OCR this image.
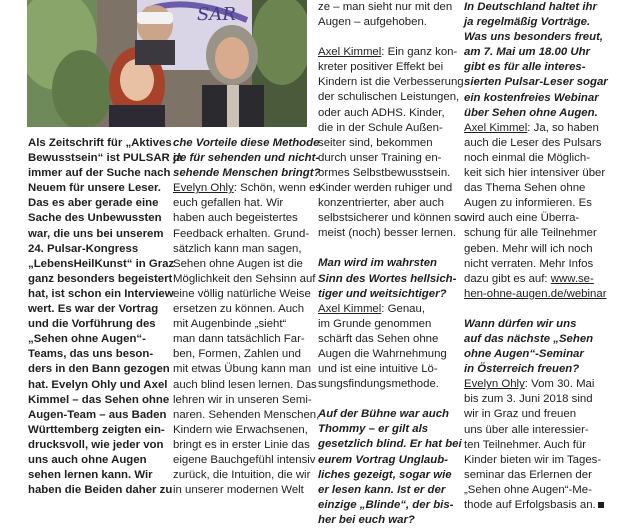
SAR
Als Zeitschrift für „Aktives
Bewusstsein“ ist PULSAR ja
immer auf der Suche nach
Neuem für unsere Leser.
Das es aber gerade eine
Sache des Unbewussten
war, die uns bei unserem
24. Pulsar-Kongress
„LebensHeilKunst“ in Graz
ganz besonders begeistert
hat, ist schon ein Interview
wert. Es war der Vortrag
und die Vorführung des
„Sehen ohne Augen“-
Teams, das uns beson-
ders in den Bann gezogen
hat. Evelyn Ohly und Axel
Kimmel – das Sehen ohne
Augen-Team – aus Baden
Württemberg zeigten ein-
drucksvoll, wie jeder von
uns auch ohne Augen
sehen lernen kann. Wir
haben die Beiden daher zu
che Vorteile diese Methode
de für sehenden und nicht-
sehende Menschen bringt?
Evelyn Ohly: Schön, wenn es
euch gefallen hat. Wir
haben auch begeistertes
Feedback erhalten. Grund-
sätzlich kann man sagen,
Sehen ohne Augen ist die
Möglichkeit den Sehsinn auf
eine völlig natürliche Weise
ersetzen zu können. Auch
mit Augenbinde „sieht“
man dann tatsächlich Far-
ben, Formen, Zahlen und
mit etwas Übung kann man
auch blind lesen lernen. Das
lehren wir in unseren Semi-
naren. Sehenden Menschen,
Kindern wie Erwachsenen,
bringt es in erster Linie das
eigene Bauchgefühl intensiv
zurück, die Intuition, die wir
in unserer modernen Welt
ze – man sieht nur mit den
Augen – aufgehoben.
Axel Kimmel: Ein ganz kon-
kreter positiver Effekt bei
Kindern ist die Verbesserung
der schulischen Leistungen,
oder auch ADHS. Kinder,
die in der Schule Außen-
seiter sind, bekommen
durch unser Training en-
ormes Selbstbewusstsein.
Kinder werden ruhiger und
konzentrierter, aber auch
selbstsicherer und können so
meist (noch) besser lernen.
Man wird im wahrsten
Sinn des Wortes hellsich-
tiger und weitsichtiger?
Axel Kimmel: Genau,
im Grunde genommen
schärft das Sehen ohne
Augen die Wahrnehmung
und ist eine intuitive Lö-
sungsfindungsmethode.
Auf der Bühne war auch
Thommy – er gilt als
gesetzlich blind. Er hat bei
eurem Vortrag Unglaub-
liches gezeigt, sogar wie
er lesen kann. Ist er der
einzige „Blinde“, der bis-
her bei euch war?
In Deutschland haltet ihr
ja regelmäßig Vorträge.
Was uns besonders freut,
am 7. Mai um 18.00 Uhr
gibt es für alle interes-
sierten Pulsar-Leser sogar
ein kostenfreies Webinar
über Sehen ohne Augen.
Axel Kimmel: Ja, so haben
auch die Leser des Pulsars
noch einmal die Möglich-
keit sich hier intensiver über
das Thema Sehen ohne
Augen zu informieren. Es
wird auch eine Überra-
schung für alle Teilnehmer
geben. Mehr will ich noch
nicht verraten. Mehr Infos
dazu gibt es auf: www.se-
hen-ohne-augen.de/webinar
Wann dürfen wir uns
auf das nächste „Sehen
ohne Augen“-Seminar
in Österreich freuen?
Evelyn Ohly: Vom 30. Mai
bis zum 3. Juni 2018 sind
wir in Graz und freuen
uns über alle interessier-
ten Teilnehmer. Auch für
Kinder bieten wir im Tages-
seminar das Erlernen der
„Sehen ohne Augen“-Me-
thode auf Erfolgsbasis an.
